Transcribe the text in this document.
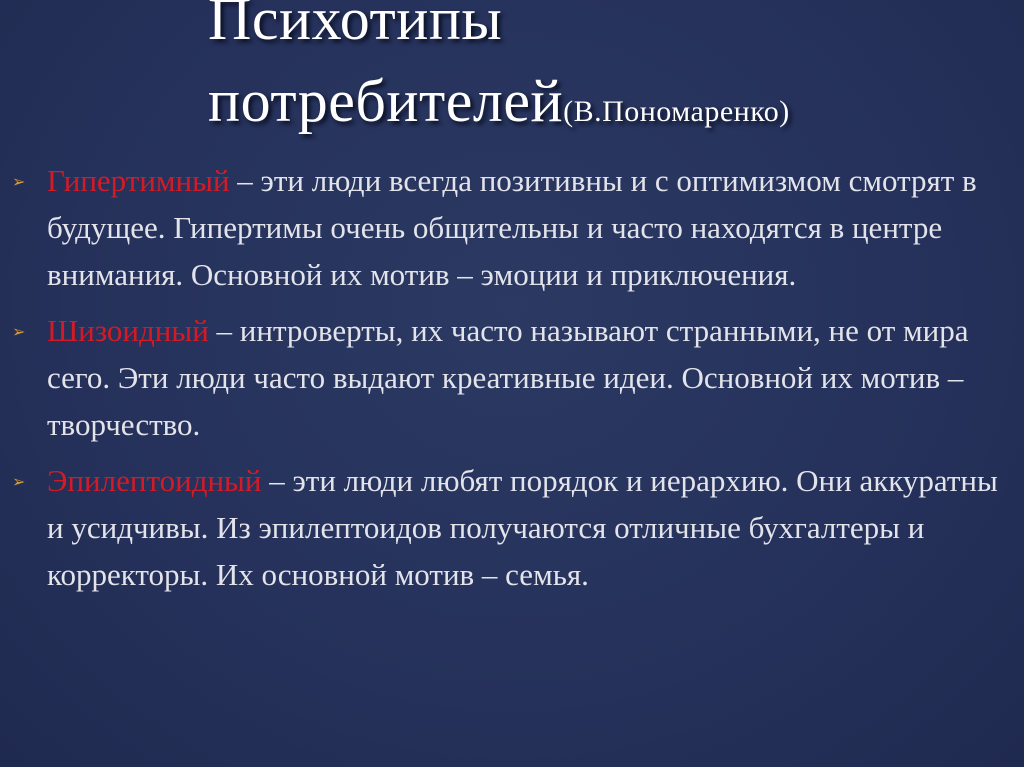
Психотипы
потребителей(В.Пономаренко)
➢ Гипертимный – эти люди всегда позитивны и с оптимизмом смотрят в будущее. Гипертимы очень общительны и часто находятся в центре внимания. Основной их мотив – эмоции и приключения.
➢ Шизоидный – интроверты, их часто называют странными, не от мира сего. Эти люди часто выдают креативные идеи. Основной их мотив – творчество.
➢ Эпилептоидный – эти люди любят порядок и иерархию. Они аккуратны и усидчивы. Из эпилептоидов получаются отличные бухгалтеры и корректоры. Их основной мотив – семья.
